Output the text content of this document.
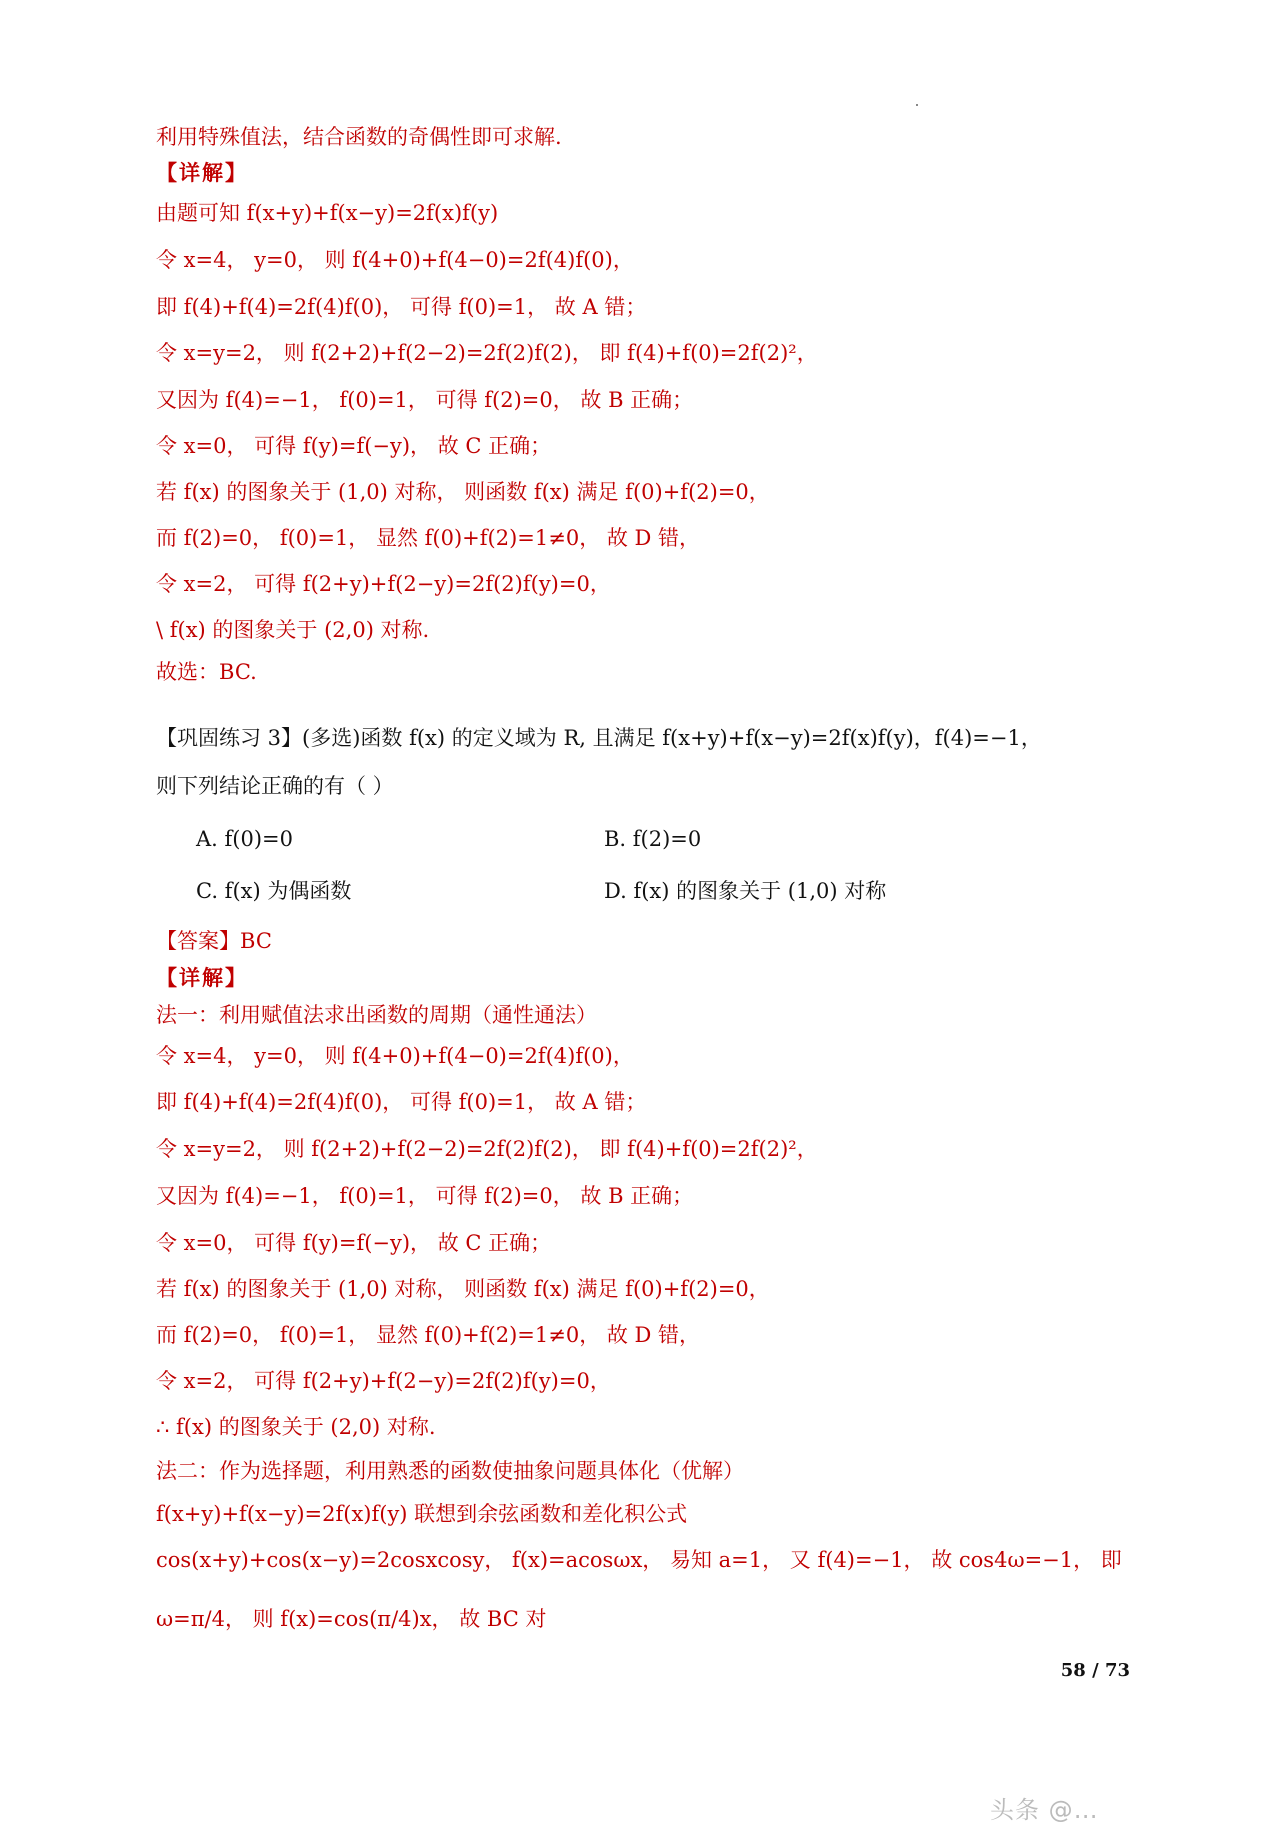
利用特殊值法，结合函数的奇偶性即可求解.
【详解】
由题可知 f(x+y)+f(x−y)=2f(x)f(y)
令 x=4， y=0， 则 f(4+0)+f(4−0)=2f(4)f(0)，
即 f(4)+f(4)=2f(4)f(0)， 可得 f(0)=1， 故 A 错；
令 x=y=2， 则 f(2+2)+f(2−2)=2f(2)f(2)， 即 f(4)+f(0)=2f(2)²，
又因为 f(4)=−1， f(0)=1， 可得 f(2)=0， 故 B 正确；
令 x=0， 可得 f(y)=f(−y)， 故 C 正确；
若 f(x) 的图象关于 (1,0) 对称， 则函数 f(x) 满足 f(0)+f(2)=0，
而 f(2)=0， f(0)=1， 显然 f(0)+f(2)=1≠0， 故 D 错，
令 x=2， 可得 f(2+y)+f(2−y)=2f(2)f(y)=0，
\ f(x) 的图象关于 (2,0) 对称.
故选：BC.
【巩固练习 3】(多选)函数 f(x) 的定义域为 R, 且满足 f(x+y)+f(x−y)=2f(x)f(y)，f(4)=−1，
则下列结论正确的有（ ）
A. f(0)=0	B. f(2)=0
C. f(x) 为偶函数	D. f(x) 的图象关于 (1,0) 对称
【答案】BC
【详解】
法一：利用赋值法求出函数的周期（通性通法）
令 x=4， y=0， 则 f(4+0)+f(4−0)=2f(4)f(0)，
即 f(4)+f(4)=2f(4)f(0)， 可得 f(0)=1， 故 A 错；
令 x=y=2， 则 f(2+2)+f(2−2)=2f(2)f(2)， 即 f(4)+f(0)=2f(2)²，
又因为 f(4)=−1， f(0)=1， 可得 f(2)=0， 故 B 正确；
令 x=0， 可得 f(y)=f(−y)， 故 C 正确；
若 f(x) 的图象关于 (1,0) 对称， 则函数 f(x) 满足 f(0)+f(2)=0，
而 f(2)=0， f(0)=1， 显然 f(0)+f(2)=1≠0， 故 D 错，
令 x=2， 可得 f(2+y)+f(2−y)=2f(2)f(y)=0，
∴ f(x) 的图象关于 (2,0) 对称.
法二：作为选择题，利用熟悉的函数使抽象问题具体化（优解）
f(x+y)+f(x−y)=2f(x)f(y) 联想到余弦函数和差化积公式
cos(x+y)+cos(x−y)=2cosxcosy， f(x)=acosωx， 易知 a=1， 又 f(4)=−1， 故 cos4ω=−1， 即
ω=π/4， 则 f(x)=cos(π/4)x， 故 BC 对
58 / 73
头条 @…
